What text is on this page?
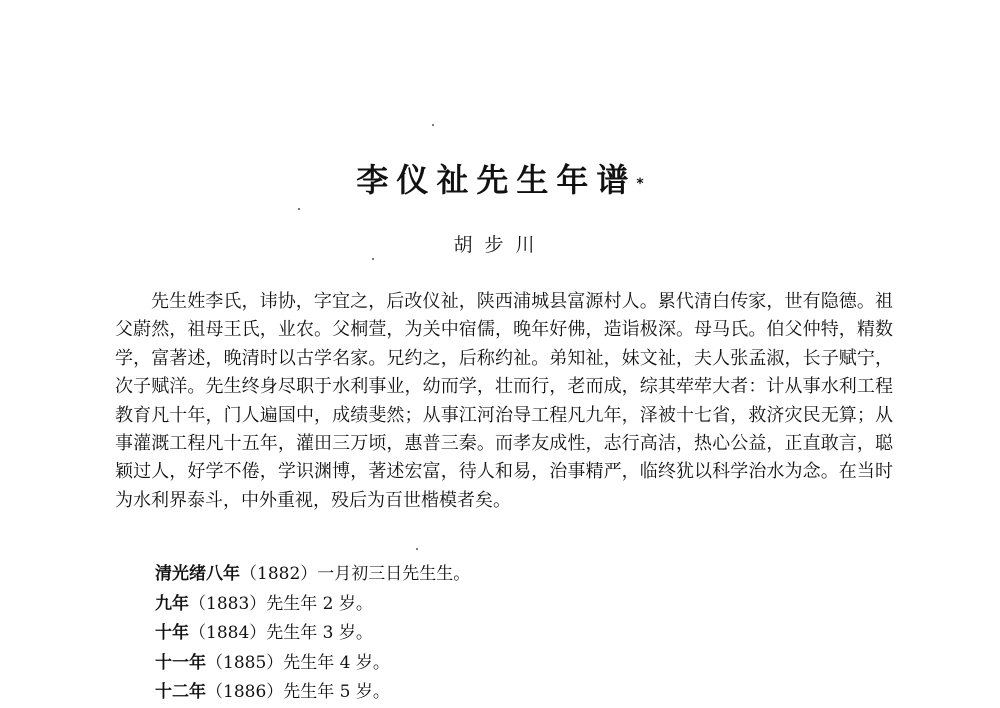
李仪祉先生年谱*
胡步川

先生姓李氏，讳协，字宜之，后改仪祉，陕西浦城县富源村人。累代清白传家，世有隐德。祖父蔚然，祖母王氏，业农。父桐萱，为关中宿儒，晚年好佛，造诣极深。母马氏。伯父仲特，精数学，富著述，晚清时以古学名家。兄约之，后称约祉。弟知祉，妹文祉，夫人张孟淑，长子赋宁，次子赋洋。先生终身尽职于水利事业，幼而学，壮而行，老而成，综其荦荦大者：计从事水利工程教育凡十年，门人遍国中，成绩斐然；从事江河治导工程凡九年，泽被十七省，救济灾民无算；从事灌溉工程凡十五年，灌田三万顷，惠普三秦。而孝友成性，志行高洁，热心公益，正直敢言，聪颖过人，好学不倦，学识渊博，著述宏富，待人和易，治事精严，临终犹以科学治水为念。在当时为水利界泰斗，中外重视，殁后为百世楷模者矣。

清光绪八年（1882）一月初三日先生生。
九年（1883）先生年 2 岁。
十年（1884）先生年 3 岁。
十一年（1885）先生年 4 岁。
十二年（1886）先生年 5 岁。
